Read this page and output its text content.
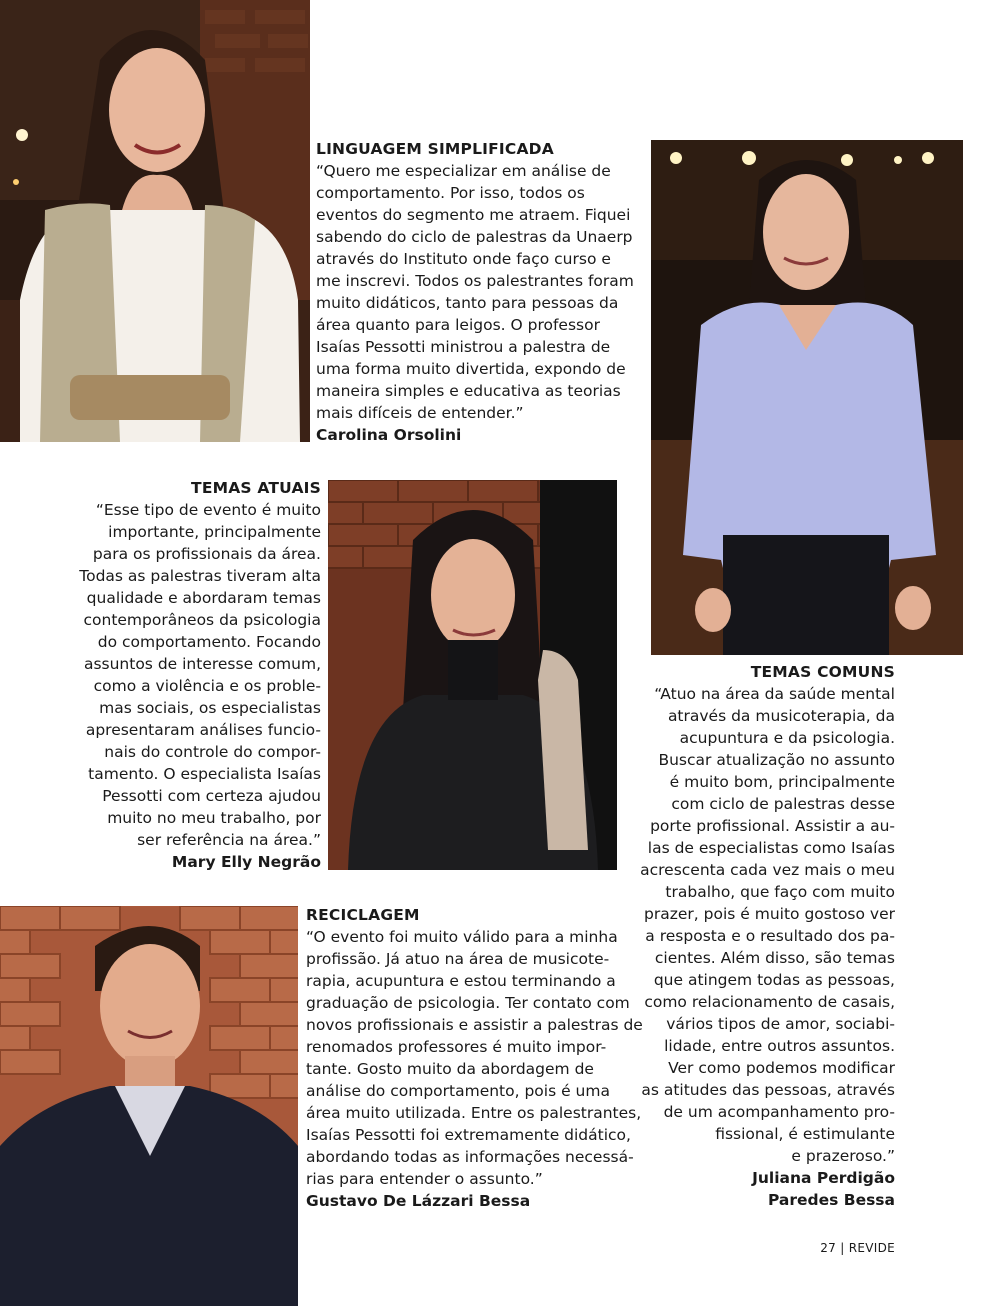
LINGUAGEM SIMPLIFICADA
“Quero me especializar em análise de
comportamento. Por isso, todos os
eventos do segmento me atraem. Fiquei
sabendo do ciclo de palestras da Unaerp
através do Instituto onde faço curso e
me inscrevi. Todos os palestrantes foram
muito didáticos, tanto para pessoas da
área quanto para leigos. O professor
Isaías Pessotti ministrou a palestra de
uma forma muito divertida, expondo de
maneira simples e educativa as teorias
mais difíceis de entender.”
Carolina Orsolini
TEMAS ATUAIS
“Esse tipo de evento é muito
importante, principalmente
para os profissionais da área.
Todas as palestras tiveram alta
qualidade e abordaram temas
contemporâneos da psicologia
do comportamento. Focando
assuntos de interesse comum,
como a violência e os proble-
mas sociais, os especialistas
apresentaram análises funcio-
nais do controle do compor-
tamento. O especialista Isaías
Pessotti com certeza ajudou
muito no meu trabalho, por
ser referência na área.”
Mary Elly Negrão
TEMAS COMUNS
“Atuo na área da saúde mental
através da musicoterapia, da
acupuntura e da psicologia.
Buscar atualização no assunto
é muito bom, principalmente
com ciclo de palestras desse
porte profissional. Assistir a au-
las de especialistas como Isaías
acrescenta cada vez mais o meu
trabalho, que faço com muito
prazer, pois é muito gostoso ver
a resposta e o resultado dos pa-
cientes. Além disso, são temas
que atingem todas as pessoas,
como relacionamento de casais,
vários tipos de amor, sociabi-
lidade, entre outros assuntos.
Ver como podemos modificar
as atitudes das pessoas, através
de um acompanhamento pro-
fissional, é estimulante
e prazeroso.”
Juliana Perdigão
Paredes Bessa
RECICLAGEM
“O evento foi muito válido para a minha
profissão. Já atuo na área de musicote-
rapia, acupuntura e estou terminando a
graduação de psicologia. Ter contato com
novos profissionais e assistir a palestras de
renomados professores é muito impor-
tante. Gosto muito da abordagem de
análise do comportamento, pois é uma
área muito utilizada. Entre os palestrantes,
Isaías Pessotti foi extremamente didático,
abordando todas as informações necessá-
rias para entender o assunto.”
Gustavo De Lázzari Bessa
27 | REVIDE
